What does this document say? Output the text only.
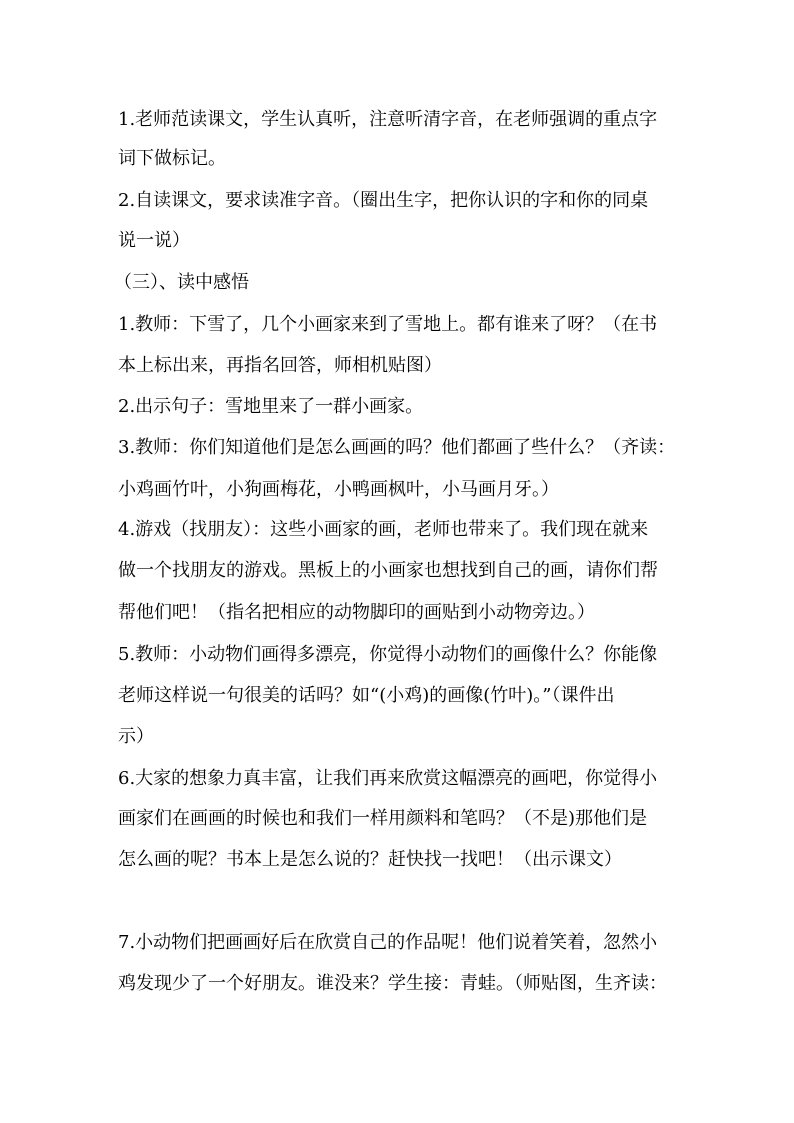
1.老师范读课文，学生认真听，注意听清字音，在老师强调的重点字
词下做标记。
2.自读课文，要求读准字音。（圈出生字，把你认识的字和你的同桌
说一说）
（三）、读中感悟
1.教师：下雪了，几个小画家来到了雪地上。都有谁来了呀？（在书
本上标出来，再指名回答，师相机贴图）
2.出示句子：雪地里来了一群小画家。
3.教师：你们知道他们是怎么画画的吗？他们都画了些什么？（齐读：
小鸡画竹叶，小狗画梅花，小鸭画枫叶，小马画月牙。）
4.游戏（找朋友）：这些小画家的画，老师也带来了。我们现在就来
做一个找朋友的游戏。黑板上的小画家也想找到自己的画，请你们帮
帮他们吧！（指名把相应的动物脚印的画贴到小动物旁边。）
5.教师：小动物们画得多漂亮，你觉得小动物们的画像什么？你能像
老师这样说一句很美的话吗？如“(小鸡)的画像(竹叶)。”（课件出
示）
6.大家的想象力真丰富，让我们再来欣赏这幅漂亮的画吧，你觉得小
画家们在画画的时候也和我们一样用颜料和笔吗？（不是)那他们是
怎么画的呢？书本上是怎么说的？赶快找一找吧！（出示课文）
7.小动物们把画画好后在欣赏自己的作品呢！他们说着笑着，忽然小
鸡发现少了一个好朋友。谁没来？学生接：青蛙。（师贴图，生齐读：
